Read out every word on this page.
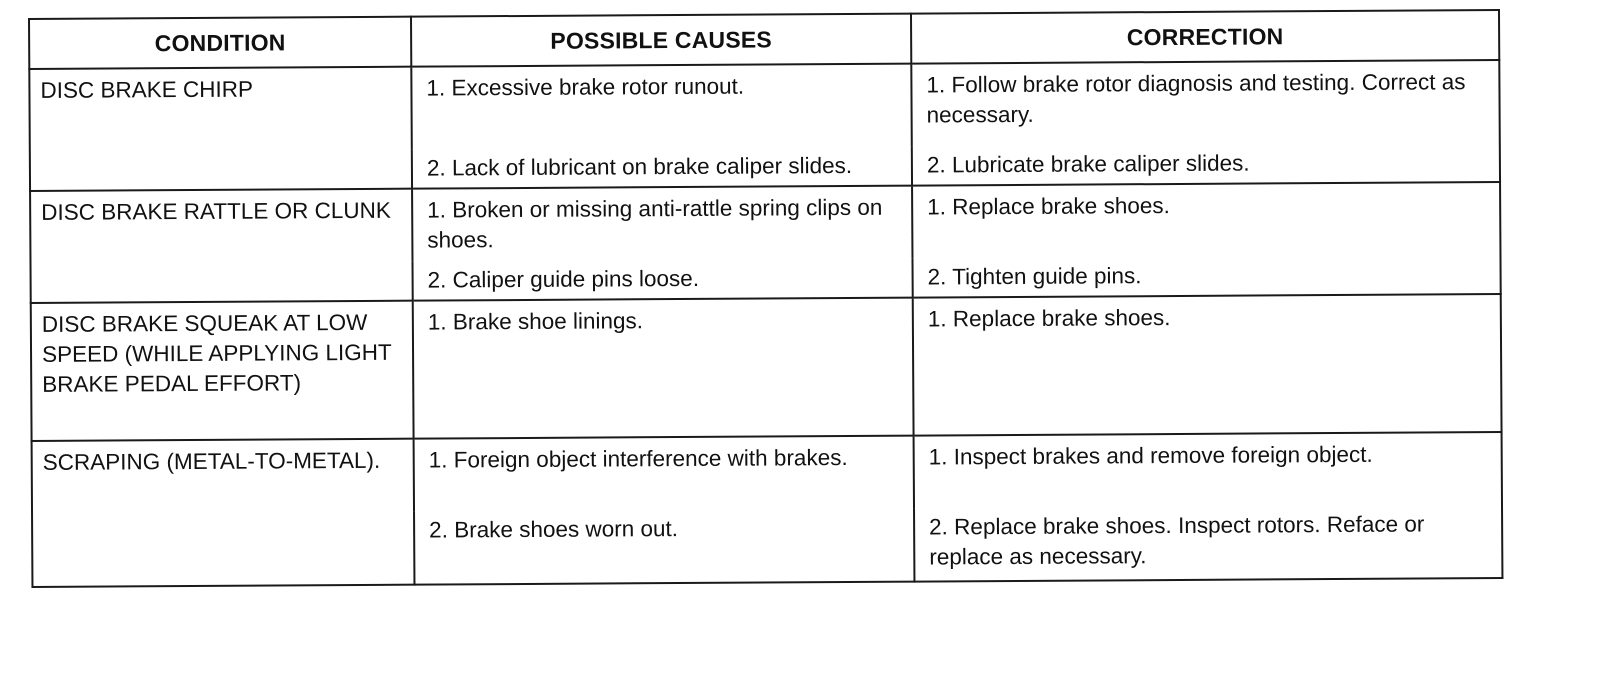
CONDITION	POSSIBLE CAUSES	CORRECTION
DISC BRAKE CHIRP	1. Excessive brake rotor runout.	1. Follow brake rotor diagnosis and testing. Correct as necessary.
	2. Lack of lubricant on brake caliper slides.	2. Lubricate brake caliper slides.
DISC BRAKE RATTLE OR CLUNK	1. Broken or missing anti-rattle spring clips on shoes.	1. Replace brake shoes.
	2. Caliper guide pins loose.	2. Tighten guide pins.
DISC BRAKE SQUEAK AT LOW SPEED (WHILE APPLYING LIGHT BRAKE PEDAL EFFORT)	1. Brake shoe linings.	1. Replace brake shoes.
SCRAPING (METAL-TO-METAL).	1. Foreign object interference with brakes.	1. Inspect brakes and remove foreign object.
	2. Brake shoes worn out.	2. Replace brake shoes. Inspect rotors. Reface or replace as necessary.
